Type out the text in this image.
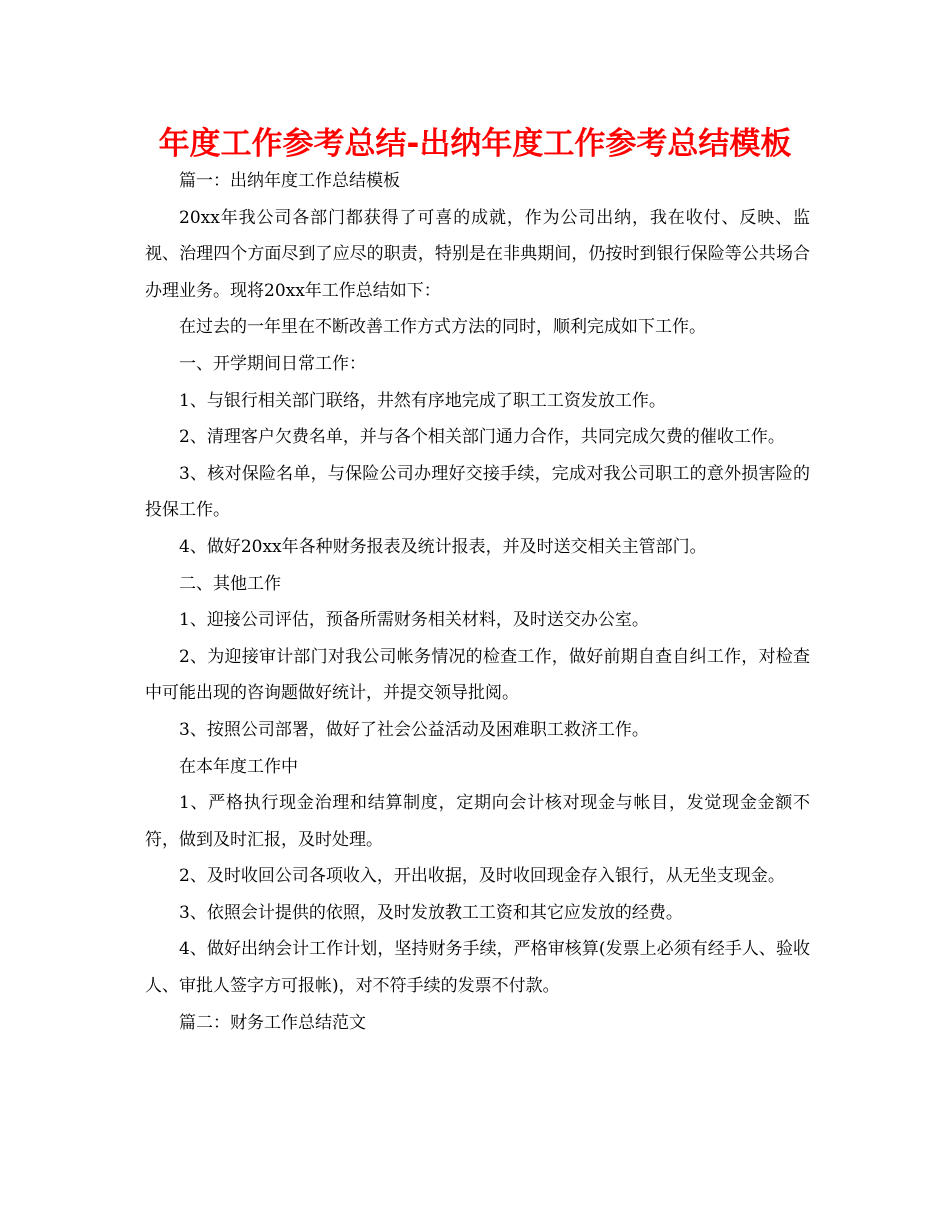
年度工作参考总结-出纳年度工作参考总结模板

篇一：出纳年度工作总结模板

20xx年我公司各部门都获得了可喜的成就，作为公司出纳，我在收付、反映、监视、治理四个方面尽到了应尽的职责，特别是在非典期间，仍按时到银行保险等公共场合办理业务。现将20xx年工作总结如下：

在过去的一年里在不断改善工作方式方法的同时，顺利完成如下工作。

一、开学期间日常工作：

1、与银行相关部门联络，井然有序地完成了职工工资发放工作。

2、清理客户欠费名单，并与各个相关部门通力合作，共同完成欠费的催收工作。

3、核对保险名单，与保险公司办理好交接手续，完成对我公司职工的意外损害险的投保工作。

4、做好20xx年各种财务报表及统计报表，并及时送交相关主管部门。

二、其他工作

1、迎接公司评估，预备所需财务相关材料，及时送交办公室。

2、为迎接审计部门对我公司帐务情况的检查工作，做好前期自查自纠工作，对检查中可能出现的咨询题做好统计，并提交领导批阅。

3、按照公司部署，做好了社会公益活动及困难职工救济工作。

在本年度工作中

1、严格执行现金治理和结算制度，定期向会计核对现金与帐目，发觉现金金额不符，做到及时汇报，及时处理。

2、及时收回公司各项收入，开出收据，及时收回现金存入银行，从无坐支现金。

3、依照会计提供的依照，及时发放教工工资和其它应发放的经费。

4、做好出纳会计工作计划，坚持财务手续，严格审核算(发票上必须有经手人、验收人、审批人签字方可报帐)，对不符手续的发票不付款。

篇二：财务工作总结范文
